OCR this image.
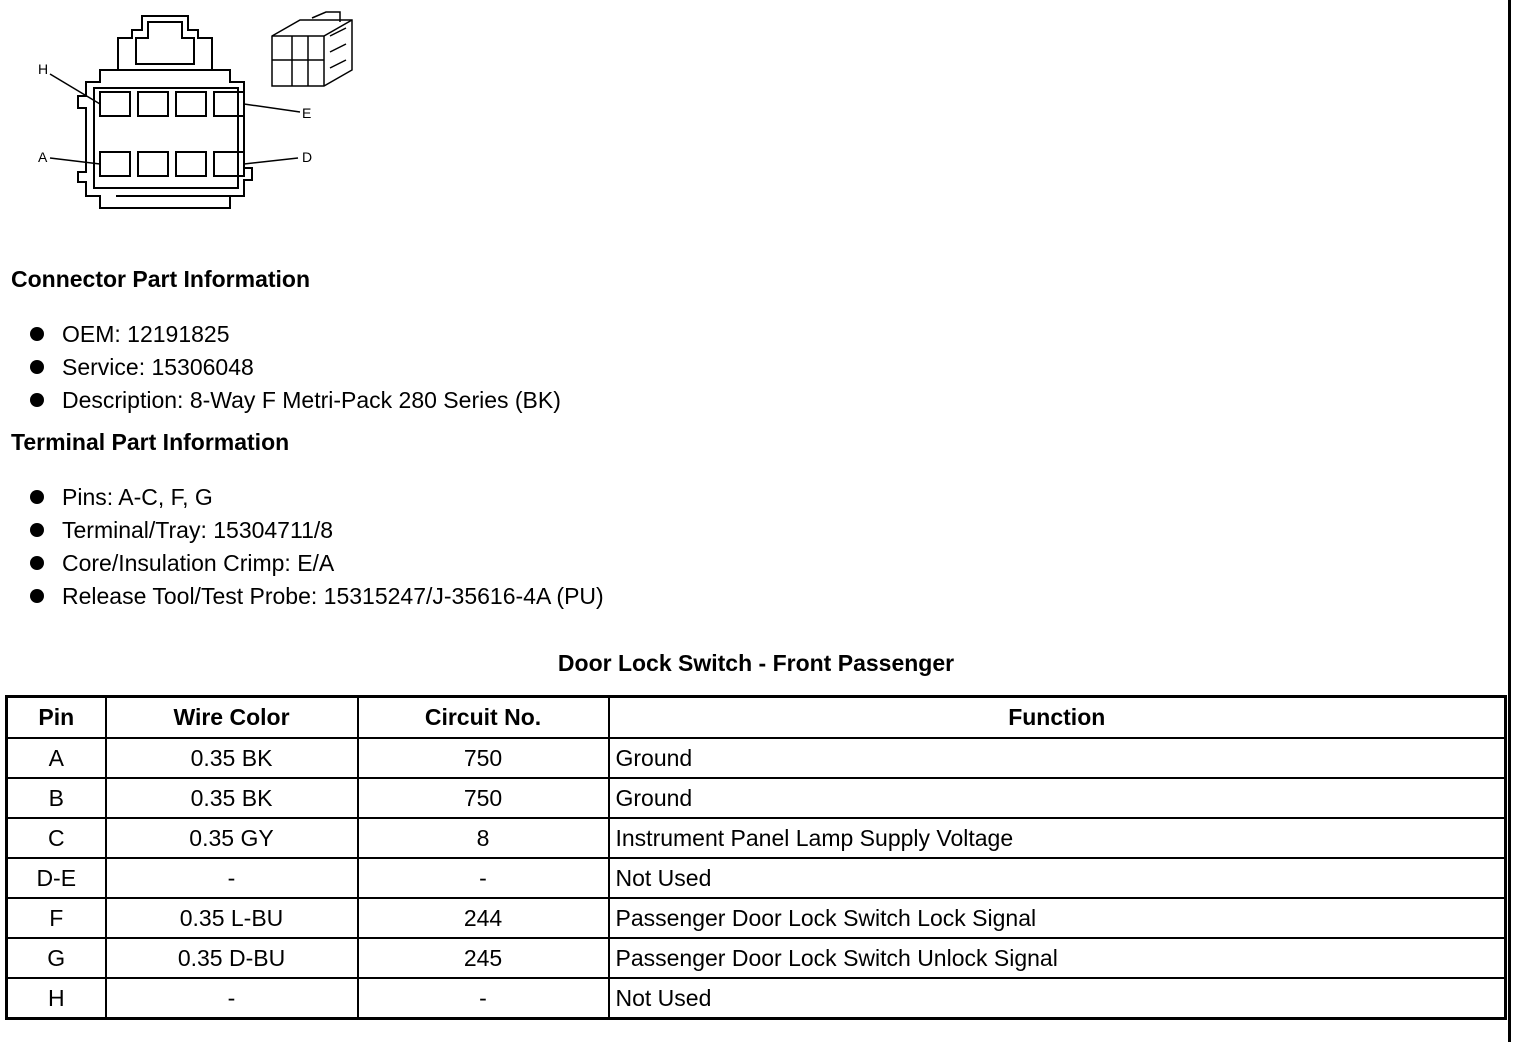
H
E
A	D
Connector Part Information
OEM: 12191825
Service: 15306048
Description: 8-Way F Metri-Pack 280 Series (BK)
Terminal Part Information
Pins: A-C, F, G
Terminal/Tray: 15304711/8
Core/Insulation Crimp: E/A
Release Tool/Test Probe: 15315247/J-35616-4A (PU)
Door Lock Switch - Front Passenger
Pin	Wire Color	Circuit No.	Function
A	0.35 BK	750	Ground
B	0.35 BK	750	Ground
C	0.35 GY	8	Instrument Panel Lamp Supply Voltage
D-E	-	-	Not Used
F	0.35 L-BU	244	Passenger Door Lock Switch Lock Signal
G	0.35 D-BU	245	Passenger Door Lock Switch Unlock Signal
H	-	-	Not Used
